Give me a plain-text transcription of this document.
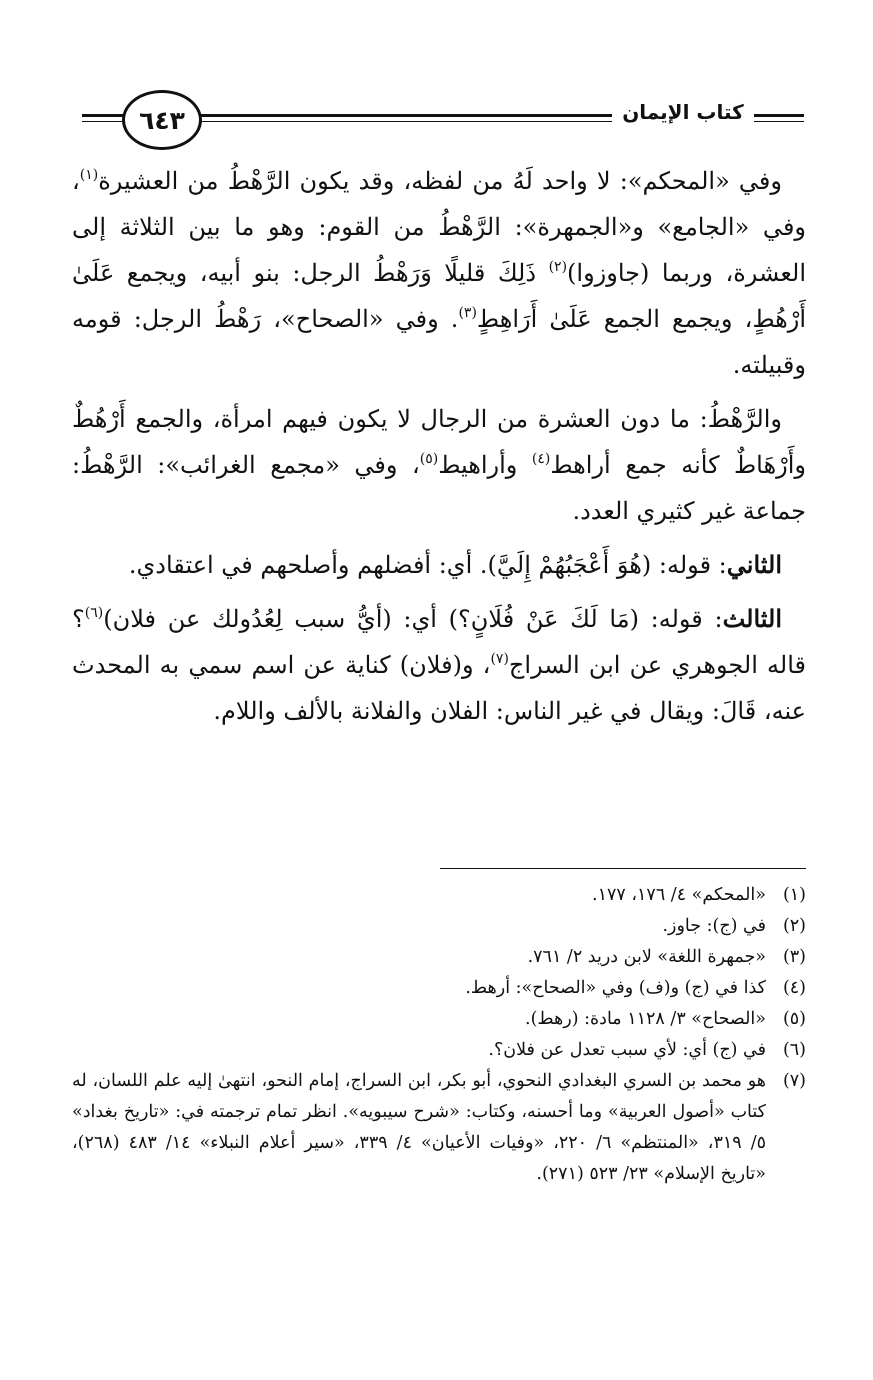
٦٤٣	كتاب الإيمان

وفي «المحكم»: لا واحد لَهُ من لفظه، وقد يكون الرَّهْطُ من العشيرة$^{(١)}$، وفي «الجامع» و«الجمهرة»: الرَّهْطُ من القوم: وهو ما بين الثلاثة إلى العشرة، وربما (جاوزوا)$^{(٢)}$ ذَلِكَ قليلًا وَرَهْطُ الرجل: بنو أبيه، ويجمع عَلَىٰ أَرْهُطٍ، ويجمع الجمع عَلَىٰ أَرَاهِطٍ$^{(٣)}$. وفي «الصحاح»، رَهْطُ الرجل: قومه وقبيلته.

والرَّهْطُ: ما دون العشرة من الرجال لا يكون فيهم امرأة، والجمع أَرْهُطٌ وأَرْهَاطٌ كأنه جمع أراهط$^{(٤)}$ وأراهيط$^{(٥)}$، وفي «مجمع الغرائب»: الرَّهْطُ: جماعة غير كثيري العدد.

الثاني: قوله: (هُوَ أَعْجَبُهُمْ إِلَيَّ). أي: أفضلهم وأصلحهم في اعتقادي.

الثالث: قوله: (مَا لَكَ عَنْ فُلَانٍ؟) أي: (أيُّ سبب لِعُدُولك عن فلان)$^{(٦)}$؟ قاله الجوهري عن ابن السراج$^{(٧)}$، و(فلان) كناية عن اسم سمي به المحدث عنه، قَالَ: ويقال في غير الناس: الفلان والفلانة بالألف واللام.

(١)
«المحكم» ٤/ ١٧٦، ١٧٧.
(٢)
في (ج): جاوز.
(٣)
«جمهرة اللغة» لابن دريد ٢/ ٧٦١.
(٤)
كذا في (ج) و(ف) وفي «الصحاح»: أرهط.
(٥)
«الصحاح» ٣/ ١١٢٨ مادة: (رهط).
(٦)
في (ج) أي: لأي سبب تعدل عن فلان؟.
(٧)
هو محمد بن السري البغدادي النحوي، أبو بكر، ابن السراج، إمام النحو، انتهىٰ إليه علم اللسان، له كتاب «أصول العربية» وما أحسنه، وكتاب: «شرح سيبويه». انظر تمام ترجمته في: «تاريخ بغداد» ٥/ ٣١٩، «المنتظم» ٦/ ٢٢٠، «وفيات الأعيان» ٤/ ٣٣٩، «سير أعلام النبلاء» ١٤/ ٤٨٣ (٢٦٨)، «تاريخ الإسلام» ٢٣/ ٥٢٣ (٢٧١).
